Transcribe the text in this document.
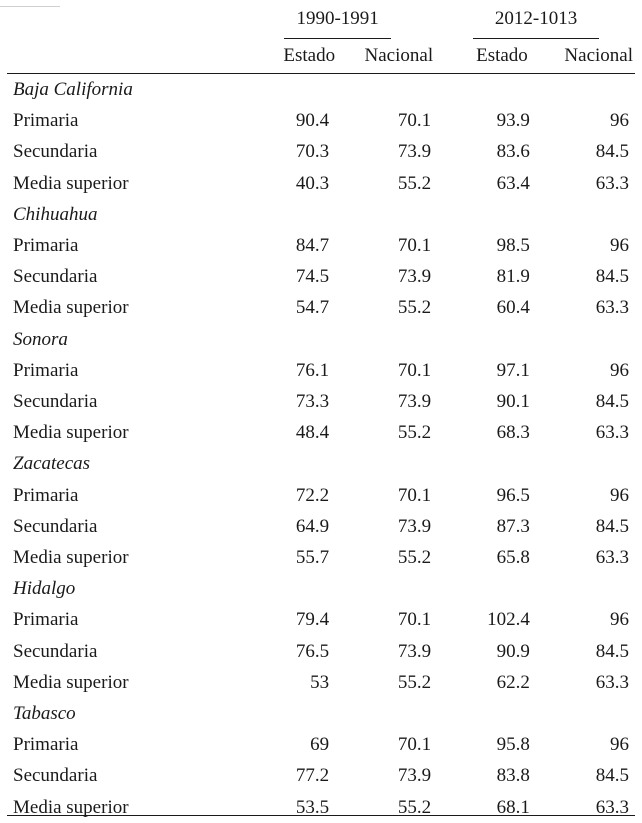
	1990-1991		2012-1013	
	Estado	Nacional	Estado	Nacional
Baja California				
Primaria	90.4	70.1	93.9	96
Secundaria	70.3	73.9	83.6	84.5
Media superior	40.3	55.2	63.4	63.3
Chihuahua				
Primaria	84.7	70.1	98.5	96
Secundaria	74.5	73.9	81.9	84.5
Media superior	54.7	55.2	60.4	63.3
Sonora				
Primaria	76.1	70.1	97.1	96
Secundaria	73.3	73.9	90.1	84.5
Media superior	48.4	55.2	68.3	63.3
Zacatecas				
Primaria	72.2	70.1	96.5	96
Secundaria	64.9	73.9	87.3	84.5
Media superior	55.7	55.2	65.8	63.3
Hidalgo				
Primaria	79.4	70.1	102.4	96
Secundaria	76.5	73.9	90.9	84.5
Media superior	53	55.2	62.2	63.3
Tabasco				
Primaria	69	70.1	95.8	96
Secundaria	77.2	73.9	83.8	84.5
Media superior	53.5	55.2	68.1	63.3
